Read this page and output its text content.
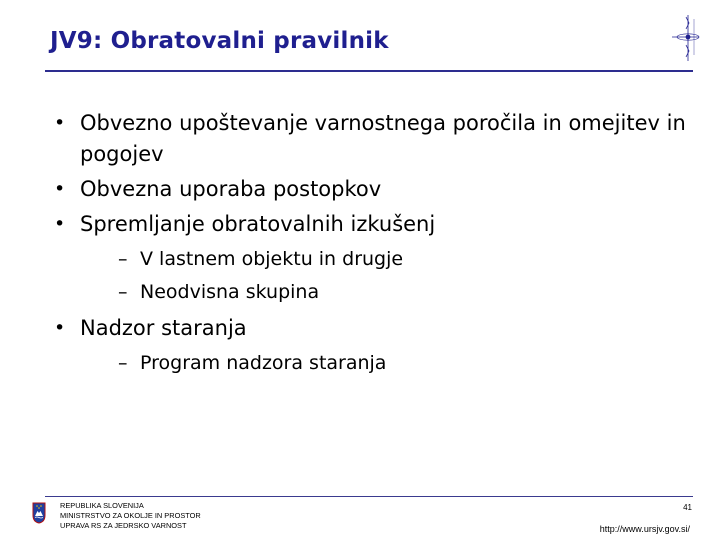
JV9: Obratovalni pravilnik
• Obvezno upoštevanje varnostnega poročila in omejitev in pogojev
• Obvezna uporaba postopkov
• Spremljanje obratovalnih izkušenj
– V lastnem objektu in drugje
– Neodvisna skupina
• Nadzor staranja
– Program nadzora staranja
REPUBLIKA SLOVENIJA
MINISTRSTVO ZA OKOLJE IN PROSTOR
UPRAVA RS ZA JEDRSKO VARNOST
41
http://www.ursjv.gov.si/
